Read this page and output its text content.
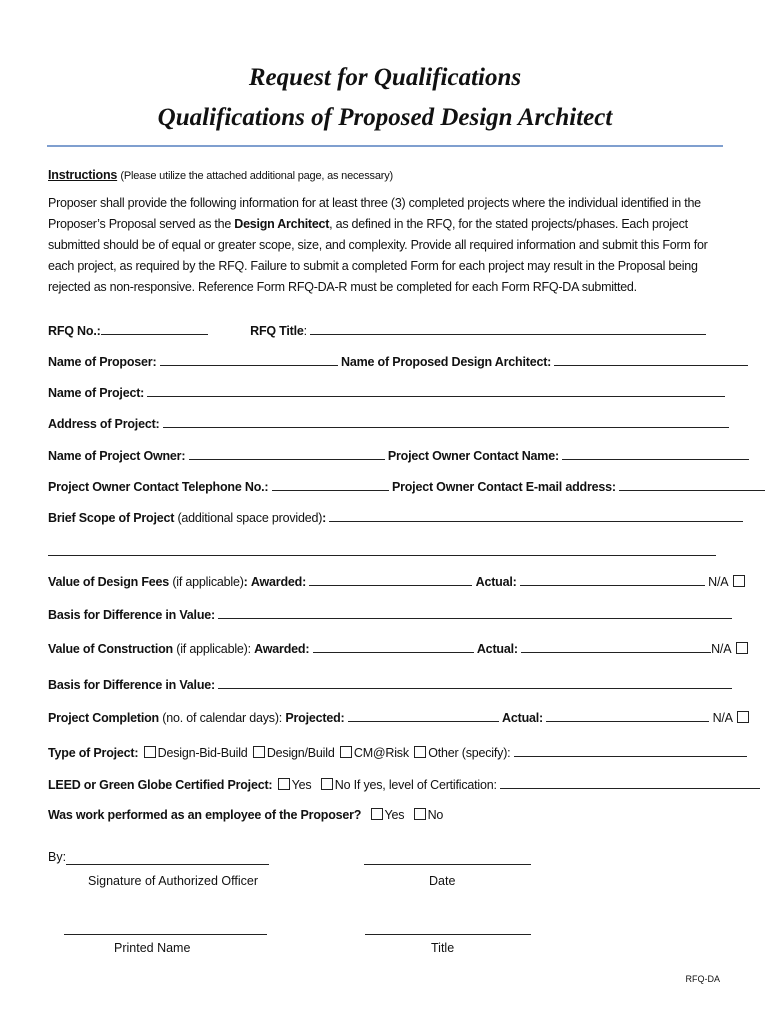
Request for Qualifications
Qualifications of Proposed Design Architect
Instructions (Please utilize the attached additional page, as necessary)
Proposer shall provide the following information for at least three (3) completed projects where the individual identified in the Proposer’s Proposal served as the Design Architect, as defined in the RFQ, for the stated projects/phases. Each project submitted should be of equal or greater scope, size, and complexity. Provide all required information and submit this Form for each project, as required by the RFQ. Failure to submit a completed Form for each project may result in the Proposal being rejected as non-responsive. Reference Form RFQ-DA-R must be completed for each Form RFQ-DA submitted.
RFQ No.:	RFQ Title:
Name of Proposer:	Name of Proposed Design Architect:
Name of Project:
Address of Project:
Name of Project Owner:	Project Owner Contact Name:
Project Owner Contact Telephone No.:	Project Owner Contact E-mail address:
Brief Scope of Project (additional space provided):
Value of Design Fees (if applicable): Awarded:	Actual:	N/A
Basis for Difference in Value:
Value of Construction (if applicable): Awarded:	Actual:	N/A
Basis for Difference in Value:
Project Completion (no. of calendar days): Projected:	Actual:	N/A
Type of Project: Design-Bid-Build Design/Build CM@Risk Other (specify):
LEED or Green Globe Certified Project: Yes No If yes, level of Certification:
Was work performed as an employee of the Proposer? Yes No
By:
Signature of Authorized Officer	Date
Printed Name	Title
RFQ-DA
